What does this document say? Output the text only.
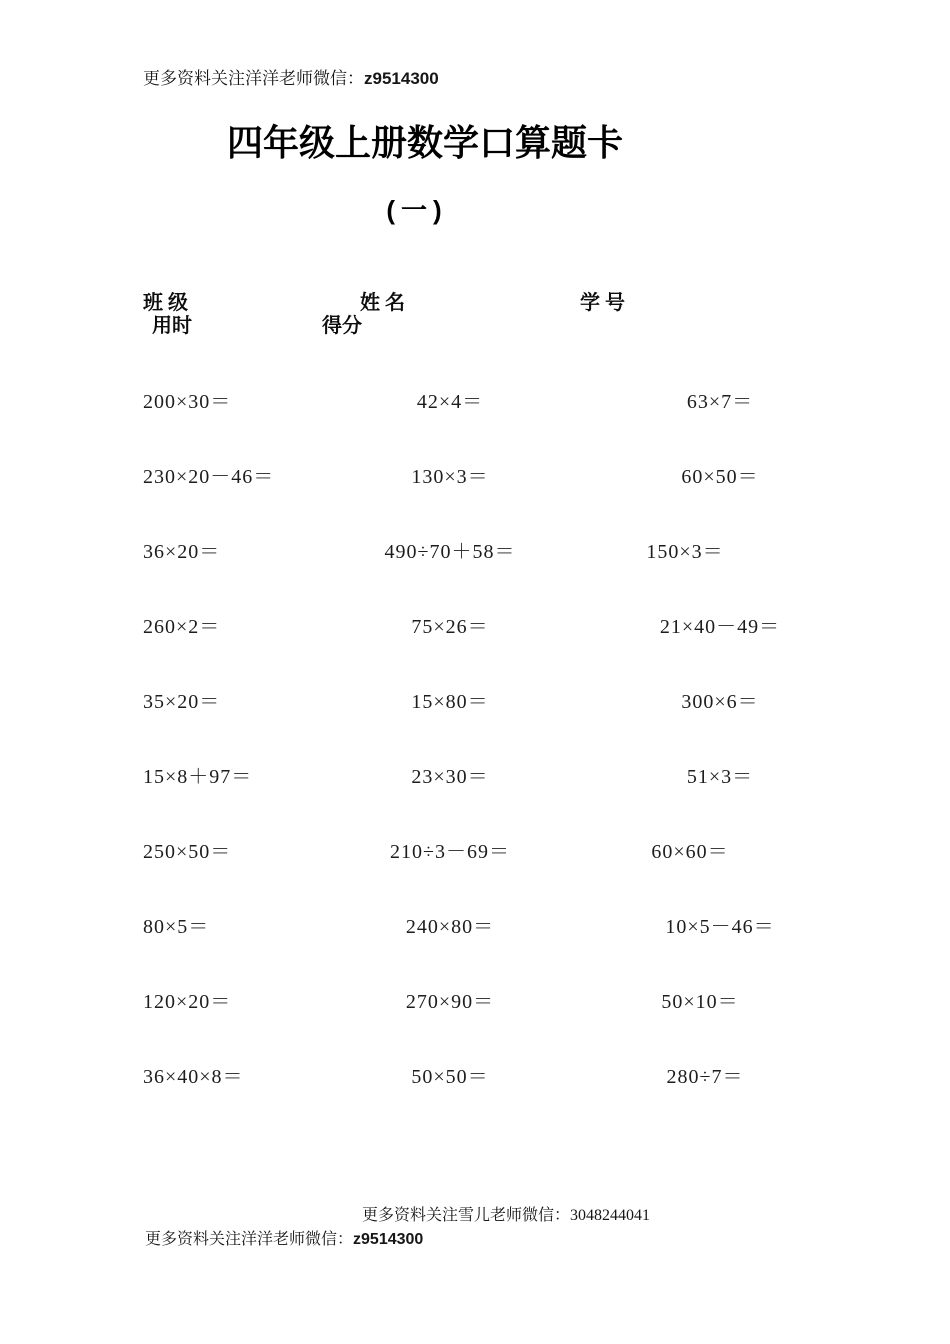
更多资料关注洋洋老师微信：z9514300

四年级上册数学口算题卡
(一)
班 级	姓 名	学 号
用时	得分
200×30＝	42×4＝	63×7＝
230×20－46＝	130×3＝	60×50＝
36×20＝	490÷70＋58＝	150×3＝
260×2＝	75×26＝	21×40－49＝
35×20＝	15×80＝	300×6＝
15×8＋97＝	23×30＝	51×3＝
250×50＝	210÷3－69＝	60×60＝
80×5＝	240×80＝	10×5－46＝
120×20＝	270×90＝	50×10＝
36×40×8＝	50×50＝	280÷7＝

更多资料关注雪儿老师微信：3048244041

更多资料关注洋洋老师微信：z9514300
